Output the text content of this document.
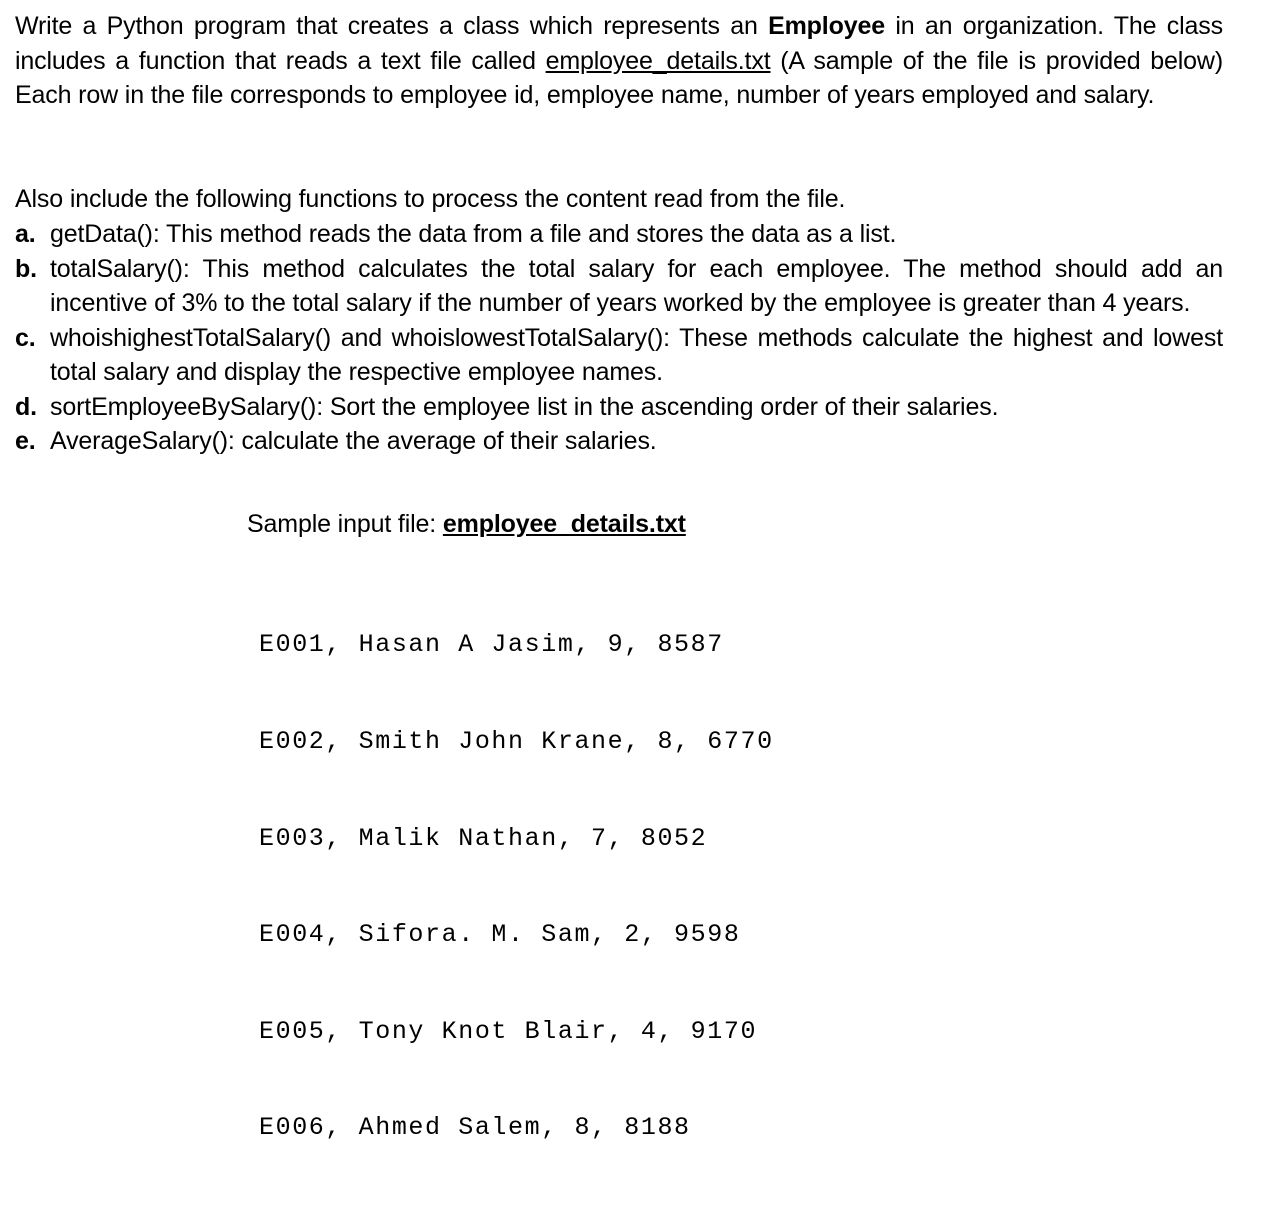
Write a Python program that creates a class which represents an Employee in an organization. The class includes a function that reads a text file called employee_details.txt (A sample of the file is provided below) Each row in the file corresponds to employee id, employee name, number of years employed and salary.

Also include the following functions to process the content read from the file.

a. getData(): This method reads the data from a file and stores the data as a list.
b. totalSalary(): This method calculates the total salary for each employee. The method should add an incentive of 3% to the total salary if the number of years worked by the employee is greater than 4 years.
c. whoishighestTotalSalary() and whoislowestTotalSalary(): These methods calculate the highest and lowest total salary and display the respective employee names.
d. sortEmployeeBySalary(): Sort the employee list in the ascending order of their salaries.
e. AverageSalary(): calculate the average of their salaries.

Sample input file: employee_details.txt

E001, Hasan A Jasim, 9, 8587

E002, Smith John Krane, 8, 6770

E003, Malik Nathan, 7, 8052

E004, Sifora. M. Sam, 2, 9598

E005, Tony Knot Blair, 4, 9170

E006, Ahmed Salem, 8, 8188
